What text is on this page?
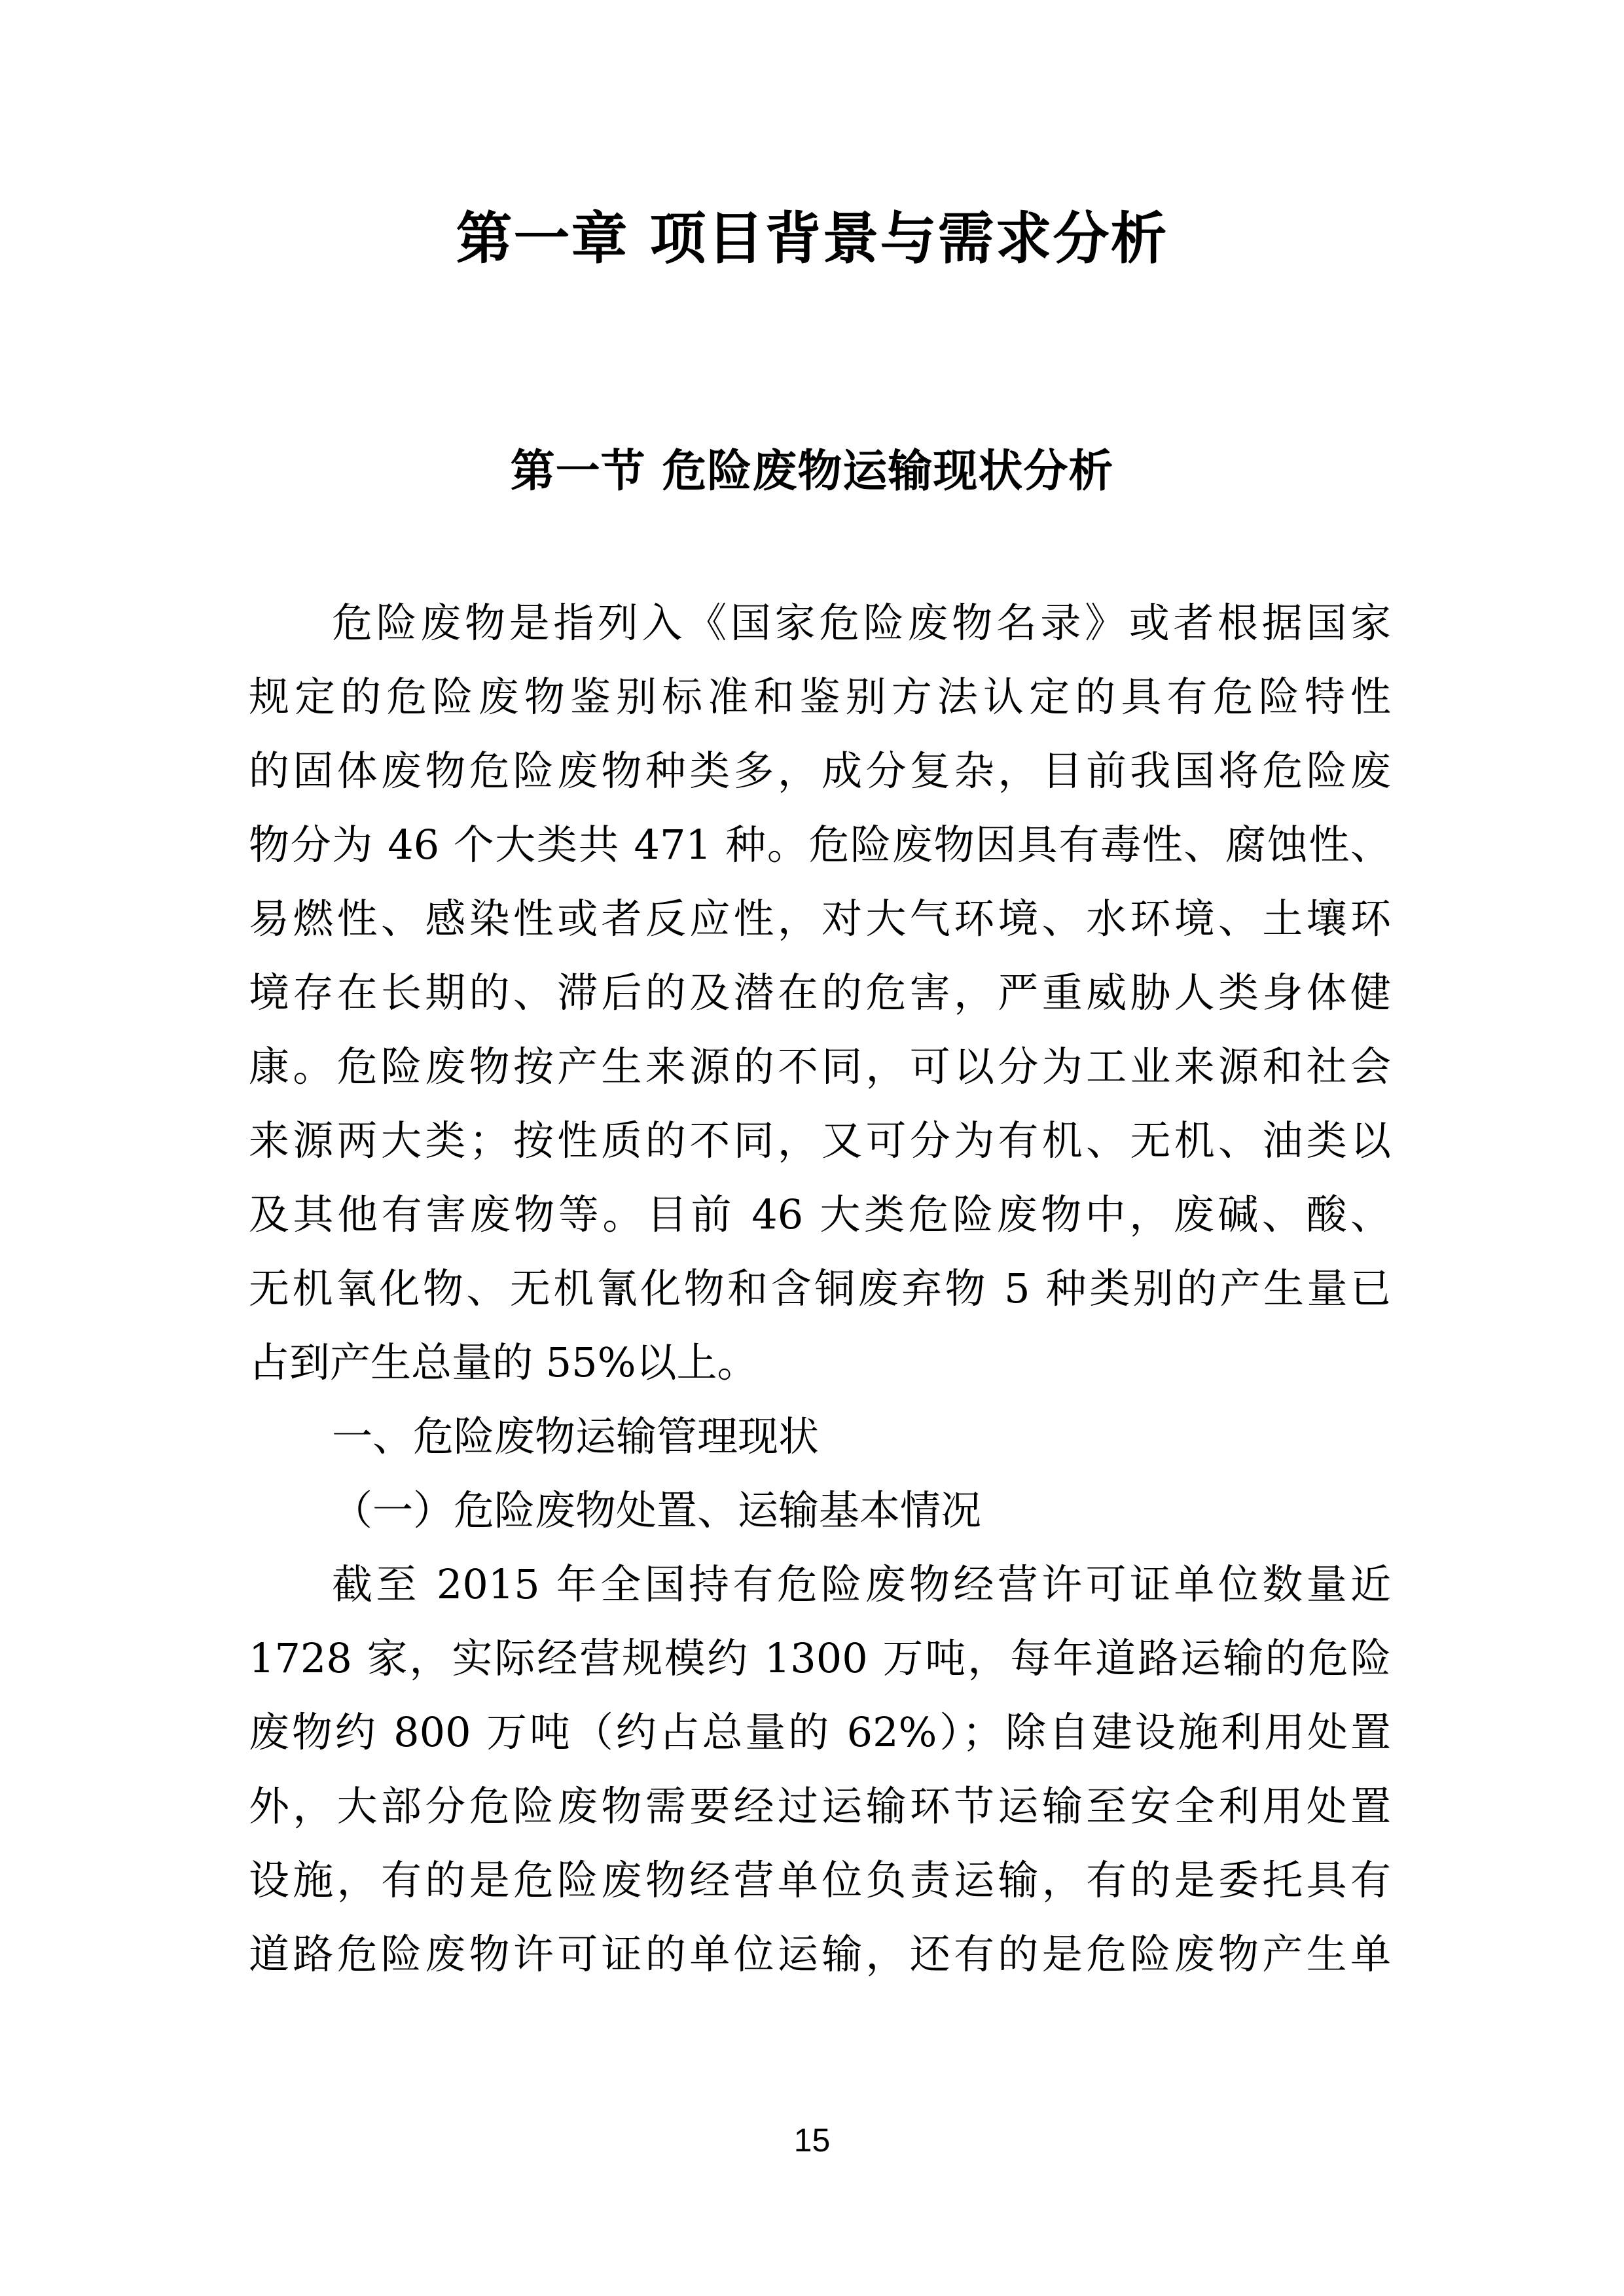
第一章 项目背景与需求分析
第一节 危险废物运输现状分析
危险废物是指列入《国家危险废物名录》或者根据国家
规定的危险废物鉴别标准和鉴别方法认定的具有危险特性
的固体废物危险废物种类多，成分复杂，目前我国将危险废
物分为 46 个大类共 471 种。危险废物因具有毒性、腐蚀性、
易燃性、感染性或者反应性，对大气环境、水环境、土壤环
境存在长期的、滞后的及潜在的危害，严重威胁人类身体健
康。危险废物按产生来源的不同，可以分为工业来源和社会
来源两大类；按性质的不同，又可分为有机、无机、油类以
及其他有害废物等。目前 46 大类危险废物中，废碱、酸、
无机氧化物、无机氰化物和含铜废弃物 5 种类别的产生量已
占到产生总量的 55%以上。
一、危险废物运输管理现状
（一）危险废物处置、运输基本情况
截至 2015 年全国持有危险废物经营许可证单位数量近
1728 家，实际经营规模约 1300 万吨，每年道路运输的危险
废物约 800 万吨（约占总量的 62%）；除自建设施利用处置
外，大部分危险废物需要经过运输环节运输至安全利用处置
设施，有的是危险废物经营单位负责运输，有的是委托具有
道路危险废物许可证的单位运输，还有的是危险废物产生单
15
